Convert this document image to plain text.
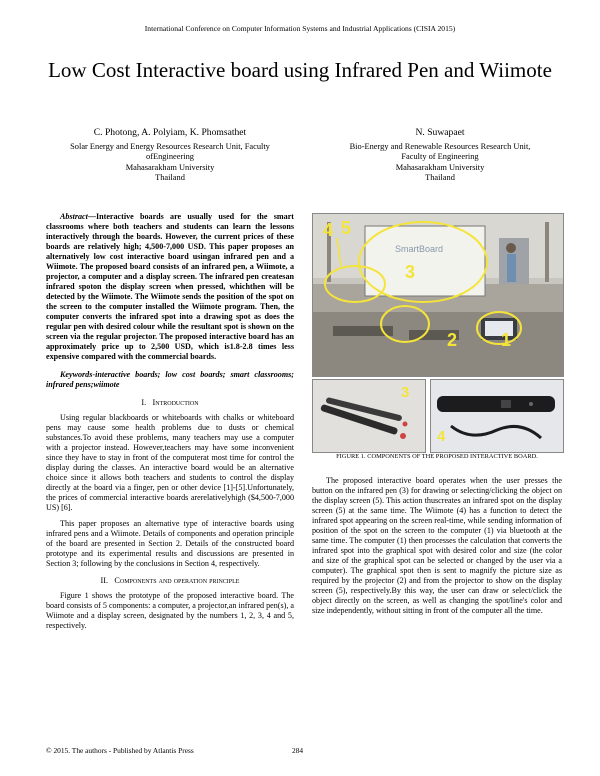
International Conference on Computer Information Systems and Industrial Applications (CISIA 2015)
Low Cost Interactive board using Infrared Pen and Wiimote
C. Photong, A. Polyiam, K. Phomsathet
Solar Energy and Energy Resources Research Unit, Faculty
ofEngineering
Mahasarakham University
Thailand
N. Suwapaet
Bio-Energy and Renewable Resources Research Unit,
Faculty of Engineering
Mahasarakham University
Thailand

Abstract—Interactive boards are usually used for the smart classrooms where both teachers and students can learn the lessons interactively through the boards. However, the current prices of these boards are relatively high; 4,500-7,000 USD. This paper proposes an alternatively low cost interactive board usingan infrared pen and a Wiimote. The proposed board consists of an infrared pen, a Wiimote, a projector, a computer and a display screen. The infrared pen createsan infrared spoton the display screen when pressed, whichthen will be detected by the Wiimote. The Wiimote sends the position of the spot on the screen to the computer installed the Wiimote program. Then, the computer converts the infrared spot into a drawing spot as does the regular pen with desired colour while the resultant spot is shown on the screen via the regular projector. The proposed interactive board has an approximately price up to 2,500 USD, which is1.8-2.8 times less expensive compared with the commercial boards.

Keywords-interactive boards; low cost boards; smart classrooms; infrared pens;wiimote

I. Introduction

Using regular blackboards or whiteboards with chalks or whiteboard pens may cause some health problems due to dusts or chemical substances.To avoid these problems, many teachers may use a computer with a projector instead. However,teachers may have some inconvenient since they have to stay in front of the computerat most time for control the display during the classes. An interactive board would be an alternative choice since it allows both teachers and students to control the display directly at the board via a finger, pen or other device [1]-[5].Unfortunately, the prices of commercial interactive boards arerelativelyhigh ($4,500-7,000 US) [6].

This paper proposes an alternative type of interactive boards using infrared pens and a Wiimote. Details of components and operation principle of the board are presented in Section 2. Details of the constructed board prototype and its experimental results and discussions are presented in Section 3; following by the conclusions in Section 4, respectively.

II. Components and operation principle

Figure 1 shows the prototype of the proposed interactive board. The board consists of 5 components: a computer, a projector,an infrared pen(s), a Wiimote and a display screen, designated by the numbers 1, 2, 3, 4 and 5, respectively.

SmartBoard
4 5
3
2 1
3
4
FIGURE 1. COMPONENTS OF THE PROPOSED INTERACTIVE BOARD.

The proposed interactive board operates when the user presses the button on the infrared pen (3) for drawing or selecting/clicking the object on the display screen (5). This action thuscreates an infrared spot on the display screen (5) at the same time. The Wiimote (4) has a function to detect the infrared spot appearing on the screen real-time, while sending information of position of the spot on the screen to the computer (1) via bluetooth at the same time. The computer (1) then processes the calculation that converts the infrared spot into the graphical spot with desired color and size (the color and size of the graphical spot can be selected or changed by the user via a computer). The graphical spot then is sent to magnify the picture size as required by the projector (2) and from the projector to show on the display screen (5), respectively.By this way, the user can draw or select/click the object directly on the screen, as well as changing the spot/line's color and size independently, without sitting in front of the computer all the time.

© 2015. The authors - Published by Atlantis Press	284
